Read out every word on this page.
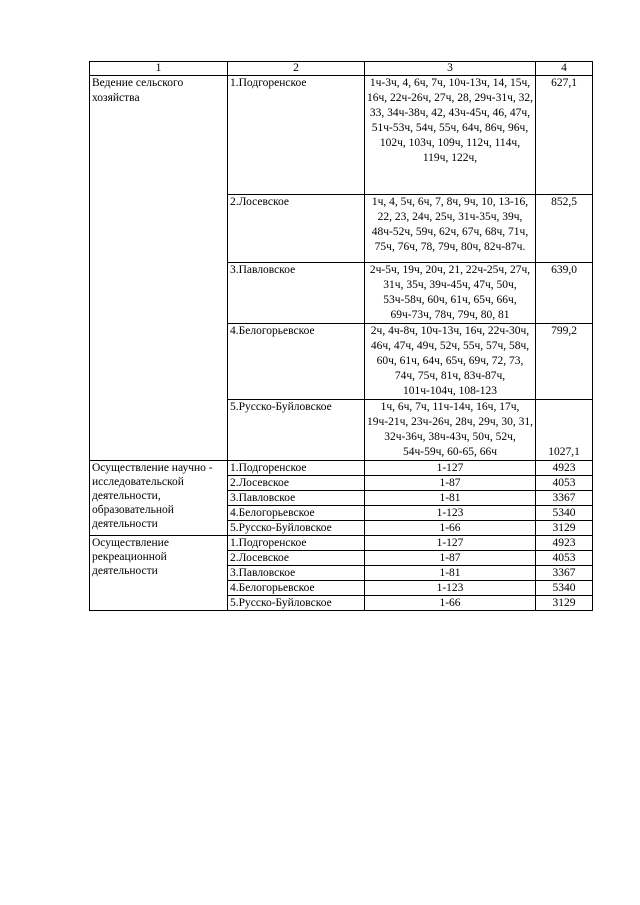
1	2	3	4
Ведение сельского хозяйства	1.Подгоренское	1ч-3ч, 4, 6ч, 7ч, 10ч-13ч, 14, 15ч, 16ч, 22ч-26ч, 27ч, 28, 29ч-31ч, 32, 33, 34ч-38ч, 42, 43ч-45ч, 46, 47ч, 51ч-53ч, 54ч, 55ч, 64ч, 86ч, 96ч, 102ч, 103ч, 109ч, 112ч, 114ч, 119ч, 122ч,	627,1
	2.Лосевское	1ч, 4, 5ч, 6ч, 7, 8ч, 9ч, 10, 13-16, 22, 23, 24ч, 25ч, 31ч-35ч, 39ч, 48ч-52ч, 59ч, 62ч, 67ч, 68ч, 71ч, 75ч, 76ч, 78, 79ч, 80ч, 82ч-87ч.	852,5
	3.Павловское	2ч-5ч, 19ч, 20ч, 21, 22ч-25ч, 27ч, 31ч, 35ч, 39ч-45ч, 47ч, 50ч, 53ч-58ч, 60ч, 61ч, 65ч, 66ч, 69ч-73ч, 78ч, 79ч, 80, 81	639,0
	4.Белогорьевское	2ч, 4ч-8ч, 10ч-13ч, 16ч, 22ч-30ч, 46ч, 47ч, 49ч, 52ч, 55ч, 57ч, 58ч, 60ч, 61ч, 64ч, 65ч, 69ч, 72, 73, 74ч, 75ч, 81ч, 83ч-87ч, 101ч-104ч, 108-123	799,2
	5.Русско-Буйловское	1ч, 6ч, 7ч, 11ч-14ч, 16ч, 17ч, 19ч-21ч, 23ч-26ч, 28ч, 29ч, 30, 31, 32ч-36ч, 38ч-43ч, 50ч, 52ч, 54ч-59ч, 60-65, 66ч	1027,1
Осуществление научно - исследовательской деятельности, образовательной деятельности	1.Подгоренское	1-127	4923
	2.Лосевское	1-87	4053
	3.Павловское	1-81	3367
	4.Белогорьевское	1-123	5340
	5.Русско-Буйловское	1-66	3129
Осуществление рекреационной деятельности	1.Подгоренское	1-127	4923
	2.Лосевское	1-87	4053
	3.Павловское	1-81	3367
	4.Белогорьевское	1-123	5340
	5.Русско-Буйловское	1-66	3129
